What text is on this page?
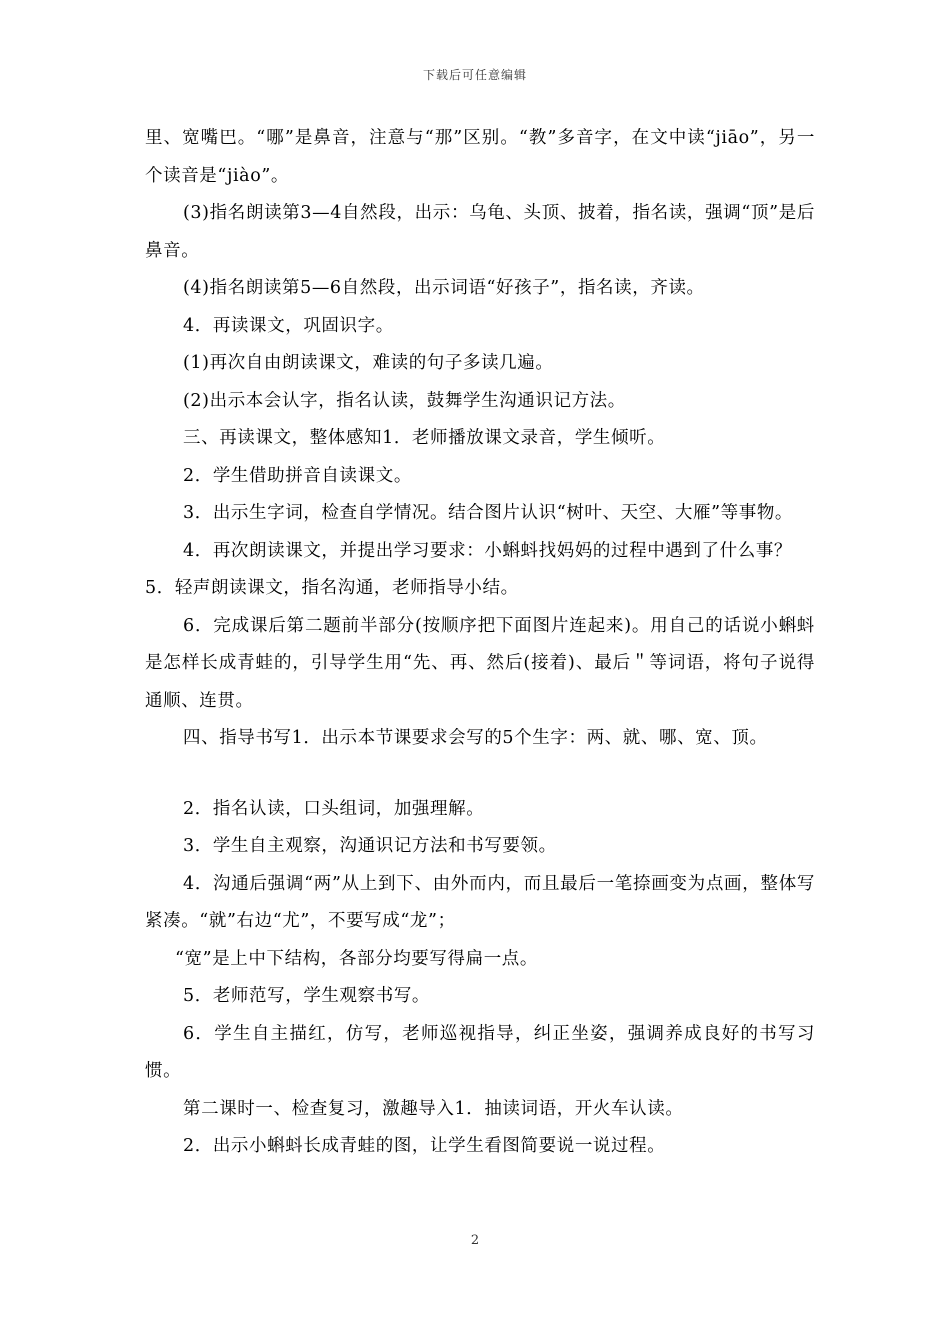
下载后可任意编辑

里、宽嘴巴。“哪”是鼻音，注意与“那”区别。“教”多音字，在文中读“jiāo”，另一个读音是“jiào”。

(3)指名朗读第3—4自然段，出示：乌龟、头顶、披着，指名读，强调“顶”是后鼻音。

(4)指名朗读第5—6自然段，出示词语“好孩子”，指名读，齐读。

4．再读课文，巩固识字。

(1)再次自由朗读课文，难读的句子多读几遍。

(2)出示本会认字，指名认读，鼓舞学生沟通识记方法。

三、再读课文，整体感知1．老师播放课文录音，学生倾听。

2．学生借助拼音自读课文。

3．出示生字词，检查自学情况。结合图片认识“树叶、天空、大雁”等事物。

4．再次朗读课文，并提出学习要求：小蝌蚪找妈妈的过程中遇到了什么事？

5．轻声朗读课文，指名沟通，老师指导小结。

6．完成课后第二题前半部分(按顺序把下面图片连起来)。用自己的话说小蝌蚪是怎样长成青蛙的，引导学生用“先、再、然后(接着)、最后＂等词语，将句子说得通顺、连贯。

四、指导书写1．出示本节课要求会写的5个生字：两、就、哪、宽、顶。

2．指名认读，口头组词，加强理解。

3．学生自主观察，沟通识记方法和书写要领。

4．沟通后强调“两”从上到下、由外而内，而且最后一笔捺画变为点画，整体写紧凑。“就”右边“尤”，不要写成“龙”；

“宽”是上中下结构，各部分均要写得扁一点。

5．老师范写，学生观察书写。

6．学生自主描红，仿写，老师巡视指导，纠正坐姿，强调养成良好的书写习惯。

第二课时一、检查复习，激趣导入1．抽读词语，开火车认读。

2．出示小蝌蚪长成青蛙的图，让学生看图简要说一说过程。

2
